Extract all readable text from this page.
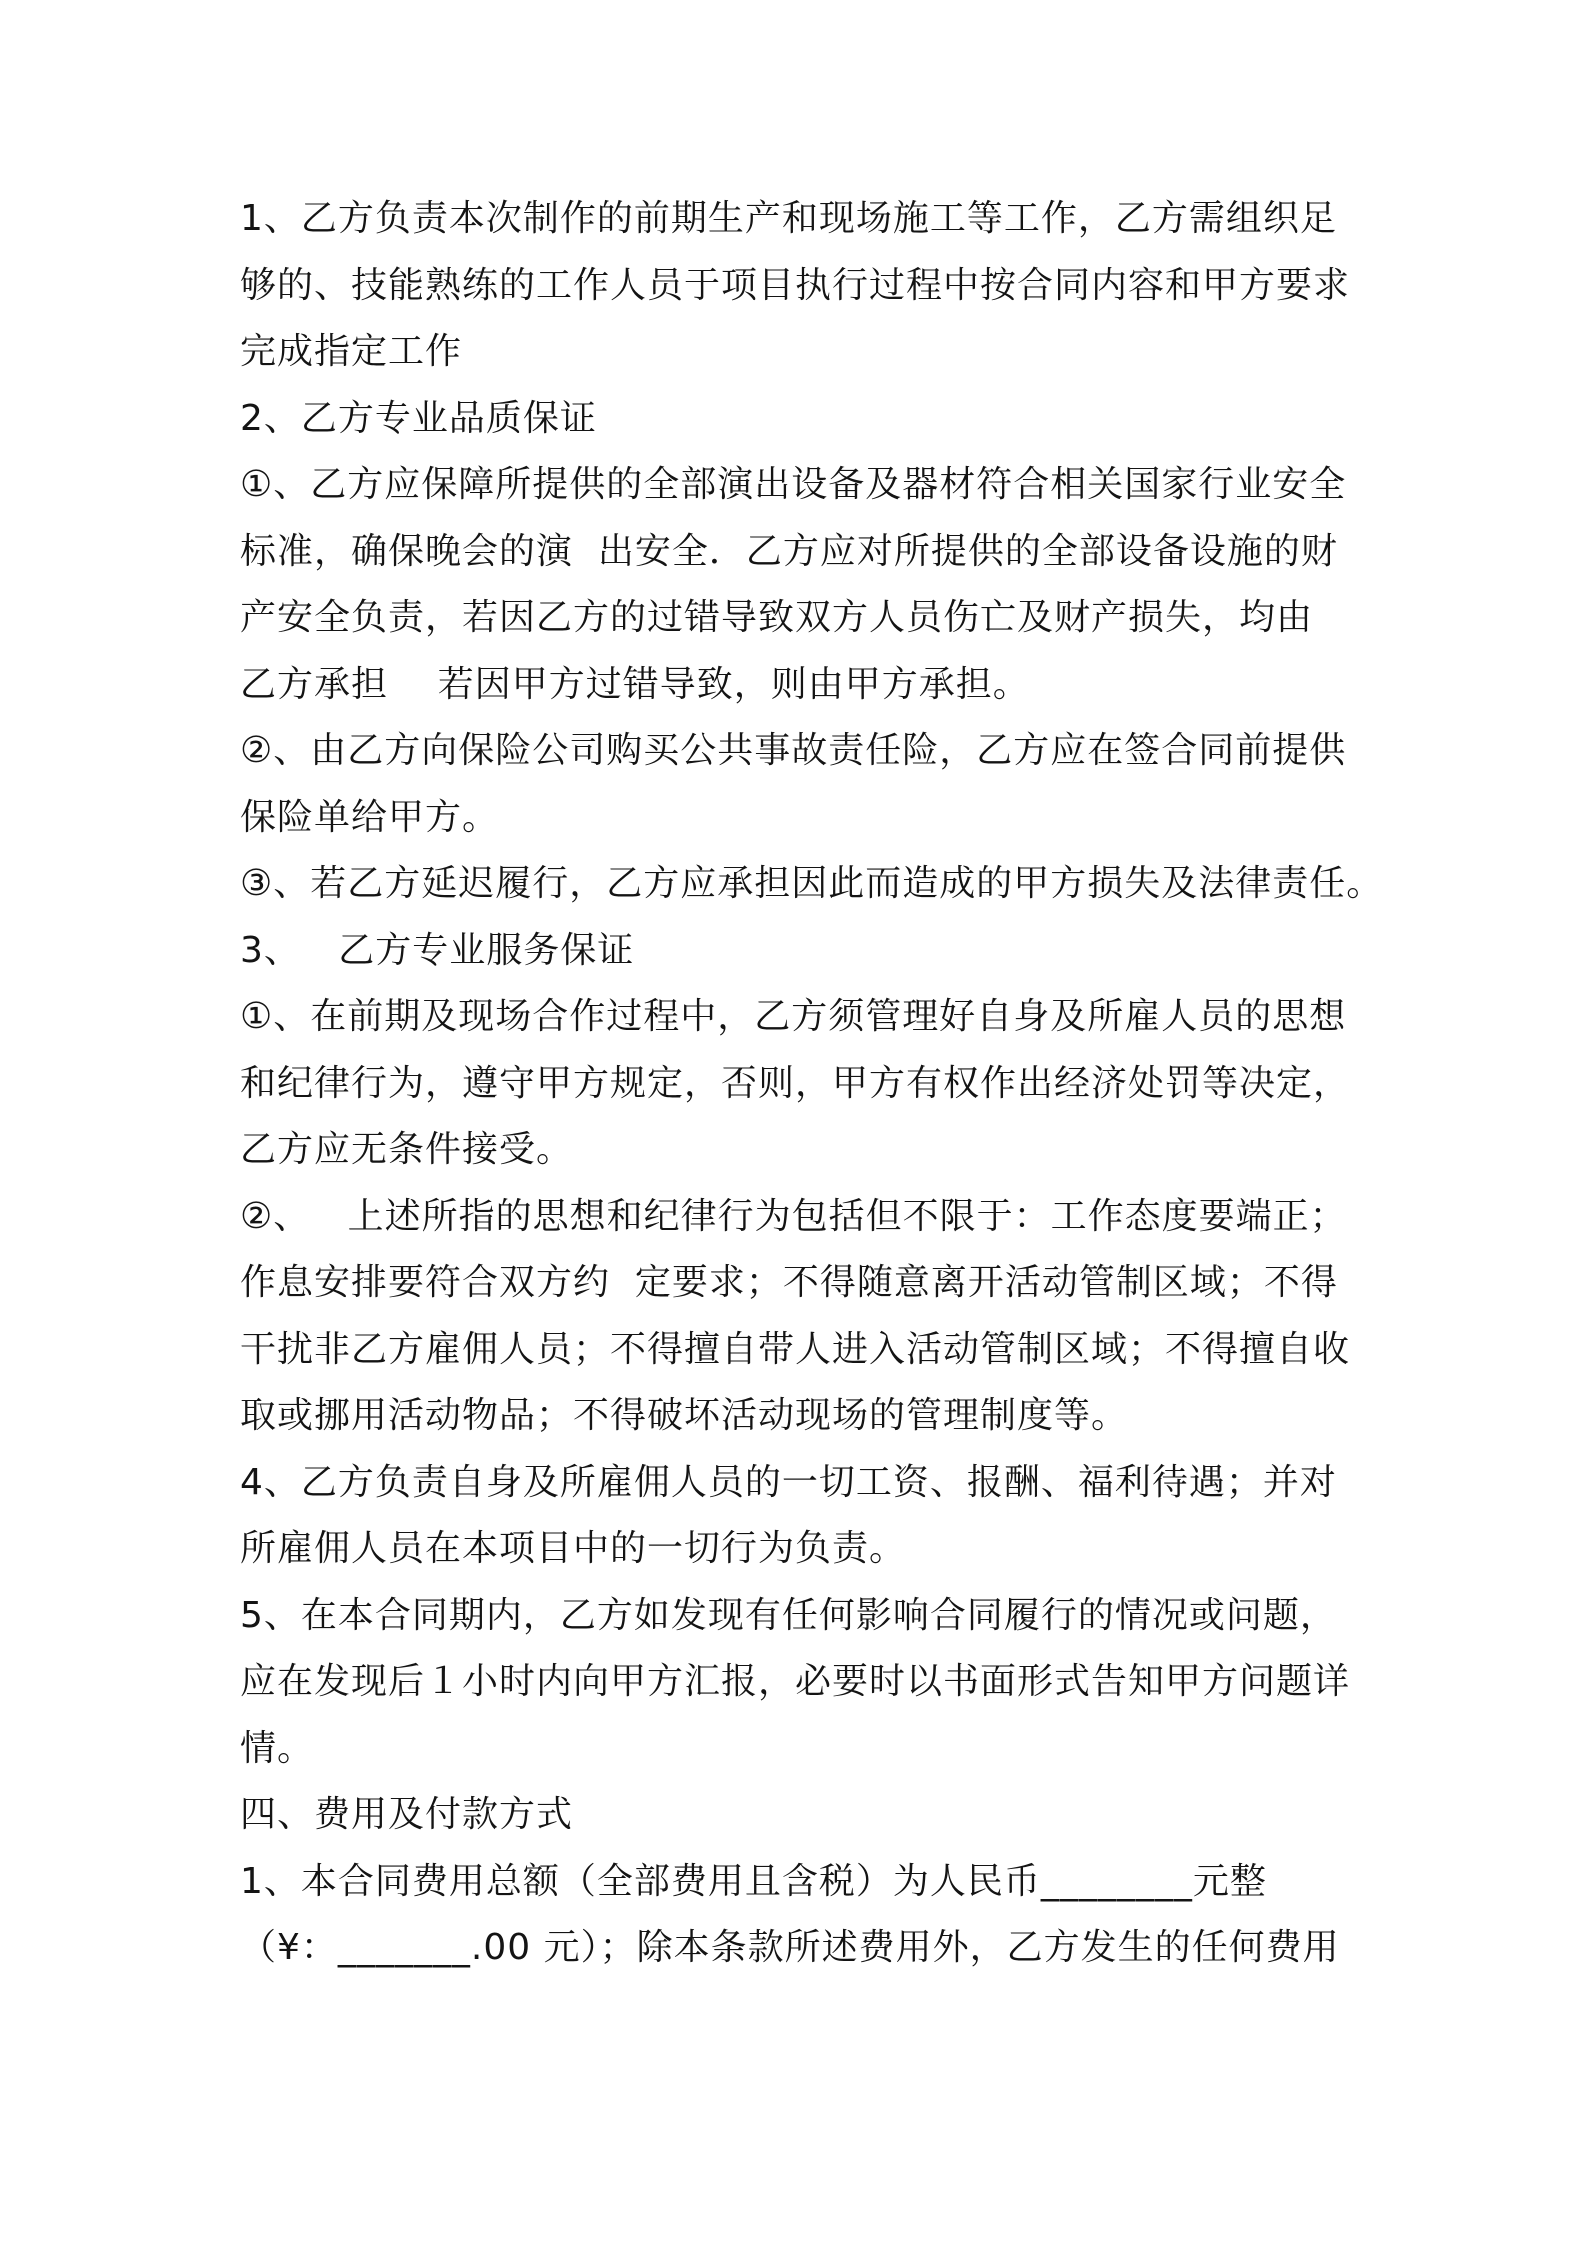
1、乙方负责本次制作的前期生产和现场施工等工作，乙方需组织足
够的、技能熟练的工作人员于项目执行过程中按合同内容和甲方要求
完成指定工作
2、乙方专业品质保证
①、乙方应保障所提供的全部演出设备及器材符合相关国家行业安全
标准，确保晚会的演  出安全．乙方应对所提供的全部设备设施的财
产安全负责，若因乙方的过错导致双方人员伤亡及财产损失，均由
乙方承担    若因甲方过错导致，则由甲方承担。
②、由乙方向保险公司购买公共事故责任险，乙方应在签合同前提供
保险单给甲方。
③、若乙方延迟履行，乙方应承担因此而造成的甲方损失及法律责任。
3、   乙方专业服务保证
①、在前期及现场合作过程中，乙方须管理好自身及所雇人员的思想
和纪律行为，遵守甲方规定，否则，甲方有权作出经济处罚等决定，
乙方应无条件接受。
②、   上述所指的思想和纪律行为包括但不限于：工作态度要端正；
作息安排要符合双方约  定要求；不得随意离开活动管制区域；不得
干扰非乙方雇佣人员；不得擅自带人进入活动管制区域；不得擅自收
取或挪用活动物品；不得破坏活动现场的管理制度等。
4、乙方负责自身及所雇佣人员的一切工资、报酬、福利待遇；并对
所雇佣人员在本项目中的一切行为负责。
5、在本合同期内，乙方如发现有任何影响合同履行的情况或问题，
应在发现后１小时内向甲方汇报，必要时以书面形式告知甲方问题详
情。
四、费用及付款方式
1、本合同费用总额（全部费用且含税）为人民币________元整
（¥：_______.00 元）；除本条款所述费用外，乙方发生的任何费用
